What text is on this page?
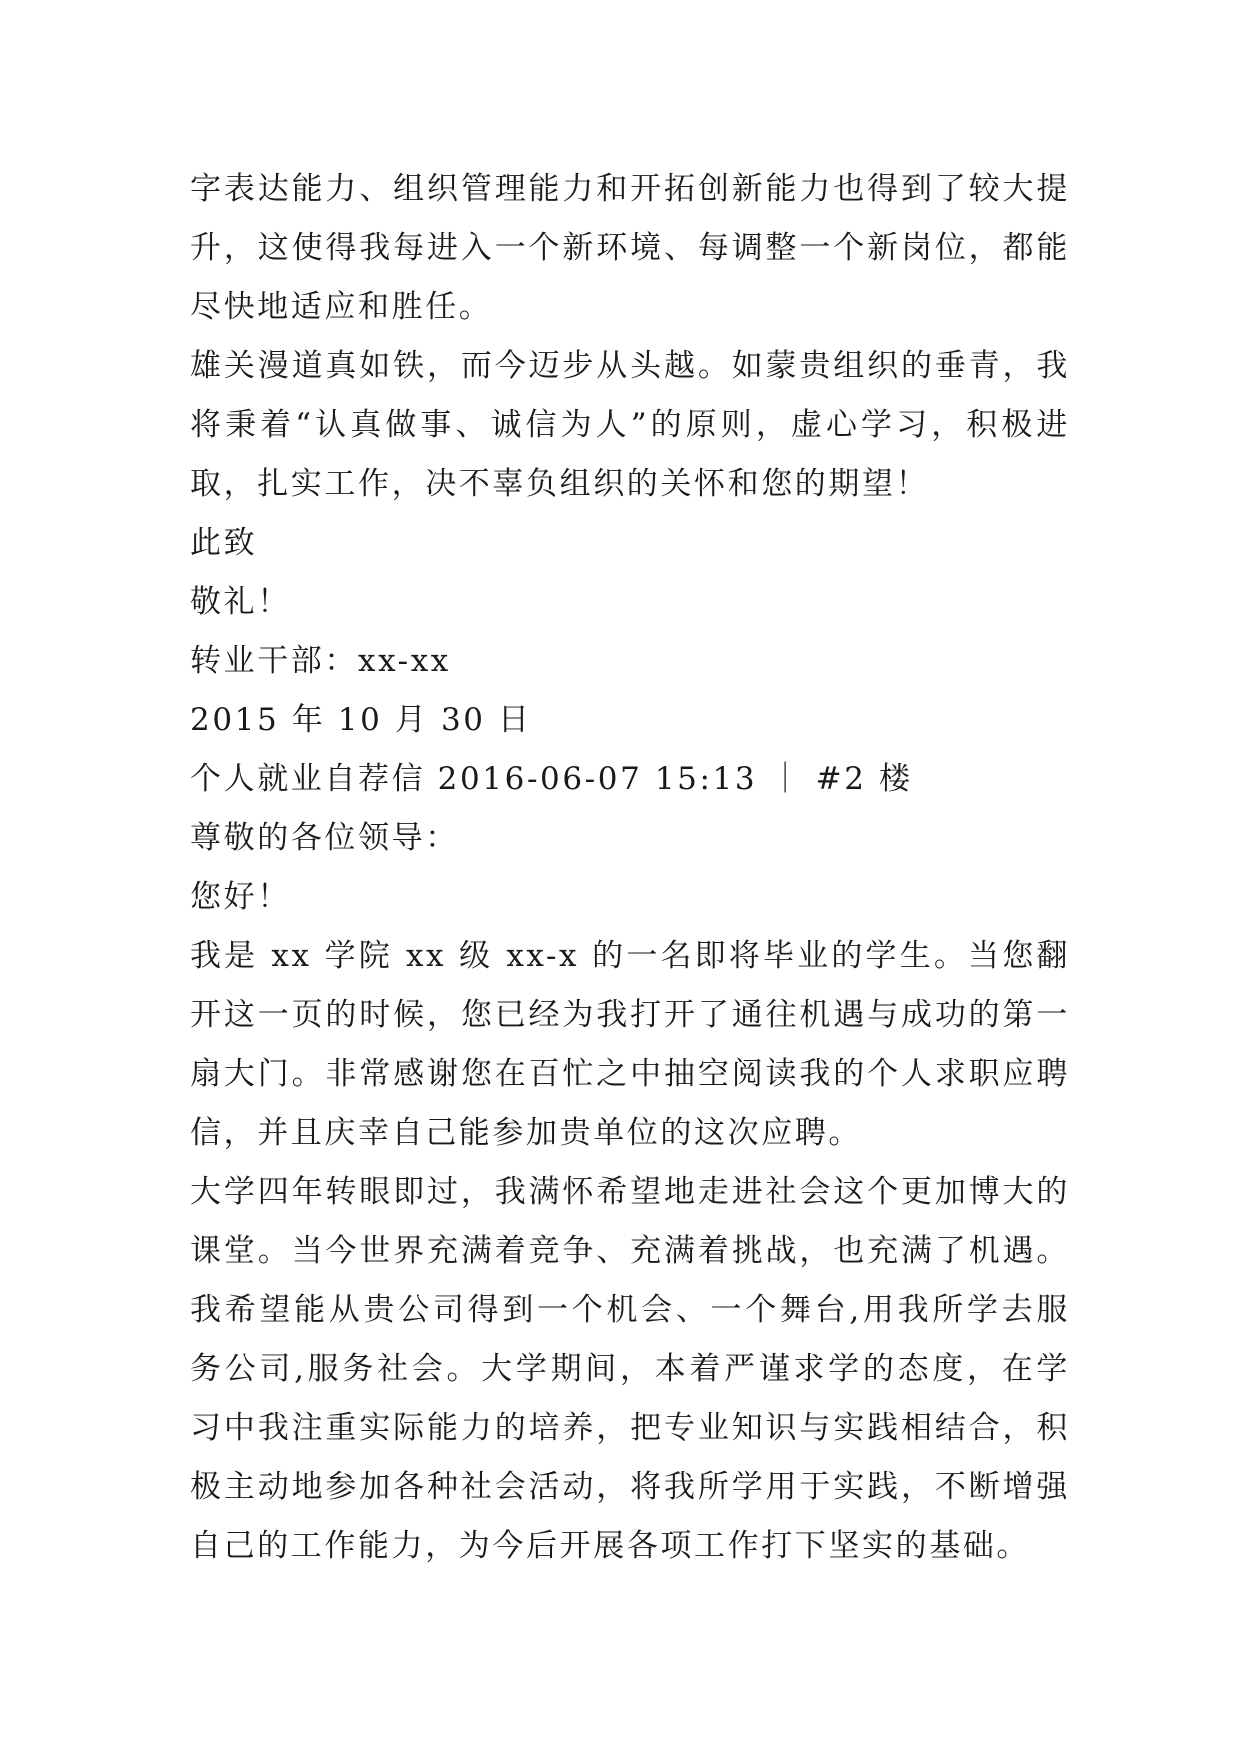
字表达能力、组织管理能力和开拓创新能力也得到了较大提升，这使得我每进入一个新环境、每调整一个新岗位，都能尽快地适应和胜任。

雄关漫道真如铁，而今迈步从头越。如蒙贵组织的垂青，我将秉着“认真做事、诚信为人”的原则，虚心学习，积极进取，扎实工作，决不辜负组织的关怀和您的期望！

此致

敬礼！

转业干部：xx-xx

2015 年 10 月 30 日

个人就业自荐信 2016-06-07 15:13 ｜ #2 楼

尊敬的各位领导：

您好！

我是 xx 学院 xx 级 xx-x 的一名即将毕业的学生。当您翻开这一页的时候，您已经为我打开了通往机遇与成功的第一扇大门。非常感谢您在百忙之中抽空阅读我的个人求职应聘信，并且庆幸自己能参加贵单位的这次应聘。

大学四年转眼即过，我满怀希望地走进社会这个更加博大的课堂。当今世界充满着竞争、充满着挑战，也充满了机遇。我希望能从贵公司得到一个机会、一个舞台,用我所学去服务公司,服务社会。大学期间，本着严谨求学的态度，在学习中我注重实际能力的培养，把专业知识与实践相结合，积极主动地参加各种社会活动，将我所学用于实践，不断增强自己的工作能力，为今后开展各项工作打下坚实的基础。
